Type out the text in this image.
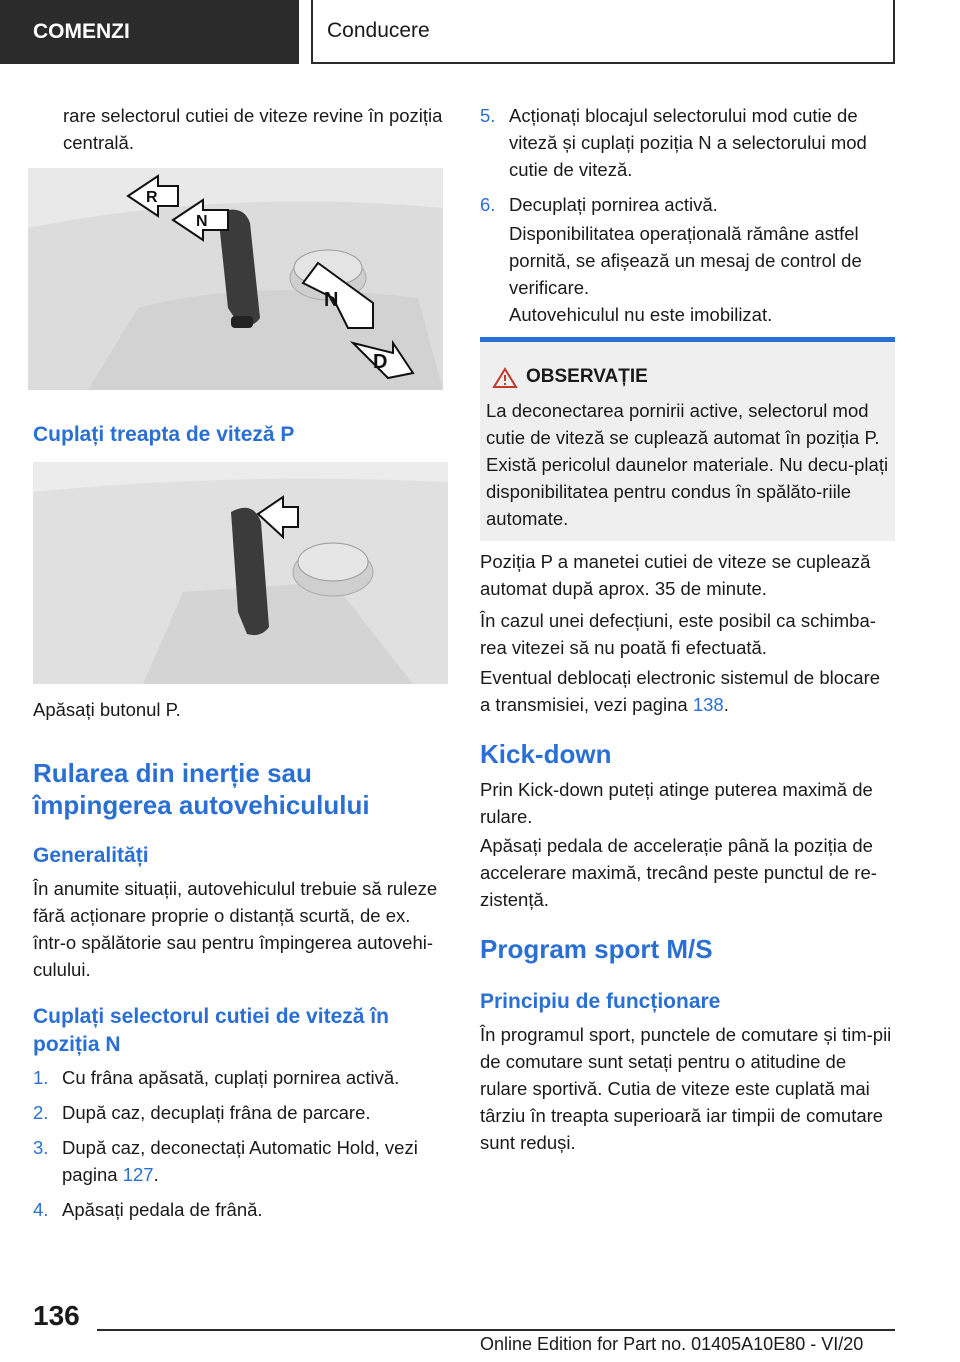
COMENZI	Conducere
rare selectorul cutiei de viteze revine în poziția centrală.
R
N
N
D
Cuplați treapta de viteză P
Apăsați butonul P.
Rularea din inerție sau împingerea autovehiculului
Generalități
În anumite situații, autovehiculul trebuie să ruleze fără acționare proprie o distanță scurtă, de ex. într-o spălătorie sau pentru împingerea autovehi-culului.
Cuplați selectorul cutiei de viteză în poziția N
1. Cu frâna apăsată, cuplați pornirea activă.
2. După caz, decuplați frâna de parcare.
3. După caz, deconectați Automatic Hold, vezi pagina 127.
4. Apăsați pedala de frână.
5. Acționați blocajul selectorului mod cutie de viteză și cuplați poziția N a selectorului mod cutie de viteză.
6. Decuplați pornirea activă.
Disponibilitatea operațională rămâne astfel pornită, se afișează un mesaj de control de verificare.
Autovehiculul nu este imobilizat.
OBSERVAȚIE
La deconectarea pornirii active, selectorul mod cutie de viteză se cuplează automat în poziția P. Există pericolul daunelor materiale. Nu decu-plați disponibilitatea pentru condus în spălăto-riile automate.
Poziția P a manetei cutiei de viteze se cuplează automat după aprox. 35 de minute.
În cazul unei defecțiuni, este posibil ca schimba-rea vitezei să nu poată fi efectuată.
Eventual deblocați electronic sistemul de blocare a transmisiei, vezi pagina 138.
Kick-down
Prin Kick-down puteți atinge puterea maximă de rulare.
Apăsați pedala de accelerație până la poziția de accelerare maximă, trecând peste punctul de re-zistență.
Program sport M/S
Principiu de funcționare
În programul sport, punctele de comutare și tim-pii de comutare sunt setați pentru o atitudine de rulare sportivă. Cutia de viteze este cuplată mai târziu în treapta superioară iar timpii de comutare sunt reduși.
136
Online Edition for Part no. 01405A10E80 - VI/20
